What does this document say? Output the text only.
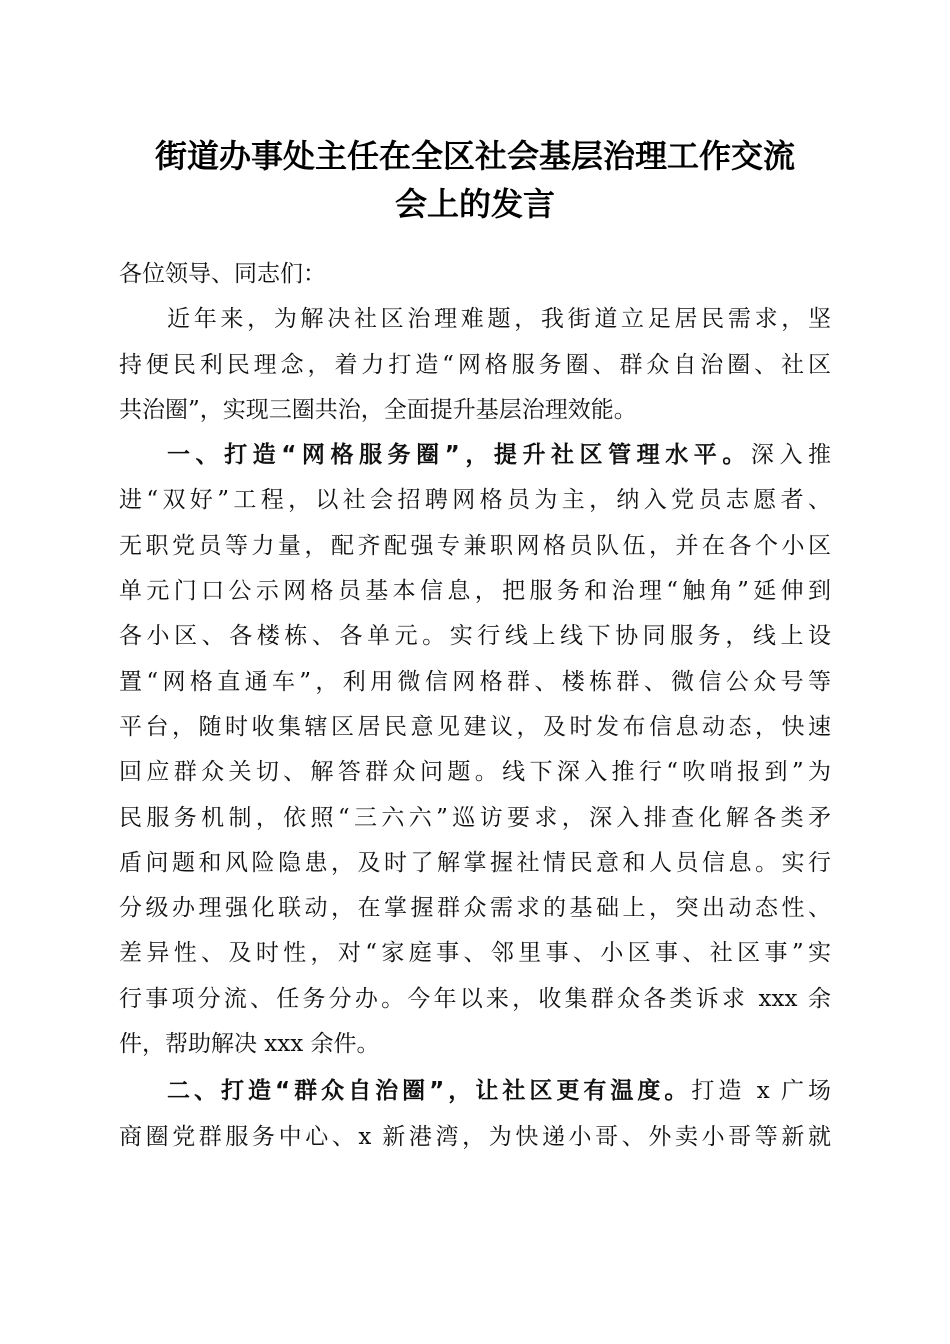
街道办事处主任在全区社会基层治理工作交流
会上的发言
各位领导、同志们：
近年来，为解决社区治理难题，我街道立足居民需求，坚
持便民利民理念，着力打造“网格服务圈、群众自治圈、社区
共治圈”，实现三圈共治，全面提升基层治理效能。
一、打造“网格服务圈”，提升社区管理水平。深入推
进“双好”工程，以社会招聘网格员为主，纳入党员志愿者、
无职党员等力量，配齐配强专兼职网格员队伍，并在各个小区
单元门口公示网格员基本信息，把服务和治理“触角”延伸到
各小区、各楼栋、各单元。实行线上线下协同服务，线上设
置“网格直通车”，利用微信网格群、楼栋群、微信公众号等
平台，随时收集辖区居民意见建议，及时发布信息动态，快速
回应群众关切、解答群众问题。线下深入推行“吹哨报到”为
民服务机制，依照“三六六”巡访要求，深入排查化解各类矛
盾问题和风险隐患，及时了解掌握社情民意和人员信息。实行
分级办理强化联动，在掌握群众需求的基础上，突出动态性、
差异性、及时性，对“家庭事、邻里事、小区事、社区事”实
行事项分流、任务分办。今年以来，收集群众各类诉求 xxx 余
件，帮助解决 xxx 余件。
二、打造“群众自治圈”，让社区更有温度。打造 x 广场
商圈党群服务中心、x 新港湾，为快递小哥、外卖小哥等新就
